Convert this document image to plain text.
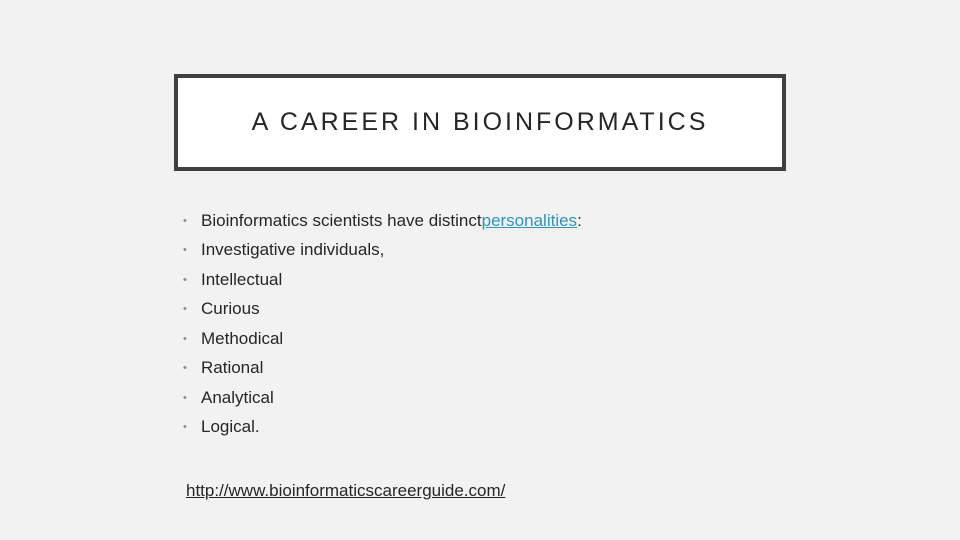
A CAREER IN BIOINFORMATICS
• Bioinformatics scientists have distinct personalities :
• Investigative individuals,
• Intellectual
• Curious
• Methodical
• Rational
• Analytical
• Logical.
http://www.bioinformaticscareerguide.com/
